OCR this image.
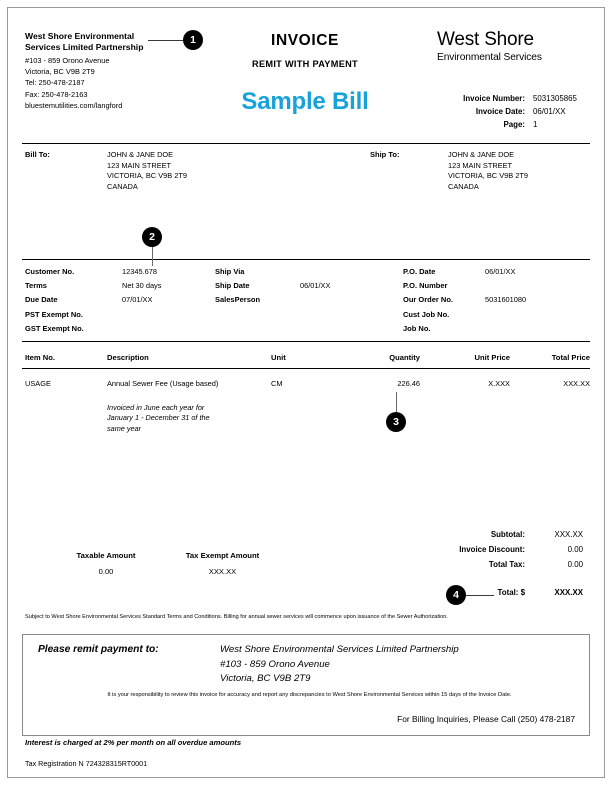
West Shore Environmental
Services Limited Partnership
#103 - 859 Orono Avenue
Victoria, BC V9B 2T9
Tel: 250-478-2187
Fax: 250-478-2163
bluestemutilities.com/langford
INVOICE
REMIT WITH PAYMENT
Sample Bill
West Shore
Environmental Services
Invoice Number: 5031305865
Invoice Date: 06/01/XX
Page: 1
Bill To:	JOHN & JANE DOE
123 MAIN STREET
VICTORIA, BC V9B 2T9
CANADA
Ship To:	JOHN & JANE DOE
123 MAIN STREET
VICTORIA, BC V9B 2T9
CANADA
Customer No.	12345.678
Terms	Net 30 days
Due Date	07/01/XX
PST Exempt No.
GST Exempt No.
Ship Via
Ship Date	06/01/XX
SalesPerson
P.O. Date	06/01/XX
P.O. Number
Our Order No.	5031601080
Cust Job No.
Job No.
Item No.	Description	Unit	Quantity	Unit Price	Total Price
USAGE	Annual Sewer Fee (Usage based)	CM	226.46	X.XXX	XXX.XX
Invoiced in June each year for
January 1 - December 31 of the
same year
Subtotal:	XXX.XX
Invoice Discount:	0.00
Total Tax:	0.00
Taxable Amount
0.00
Tax Exempt Amount
XXX.XX
Total: $	XXX.XX
Subject to West Shore Environmental Services Standard Terms and Conditions. Billing for annual sewer services will commence upon issuance of the Sewer Authorization.
Please remit payment to:	West Shore Environmental Services Limited Partnership
#103 - 859 Orono Avenue
Victoria, BC V9B 2T9
It is your responsibility to review this invoice for accuracy and report any discrepancies to West Shore Environmental Services within 15 days of the Invoice Date.
For Billing Inquiries, Please Call (250) 478-2187
Interest is charged at 2% per month on all overdue amounts
Tax Registration N 724328315RT0001
1
2
3
4
